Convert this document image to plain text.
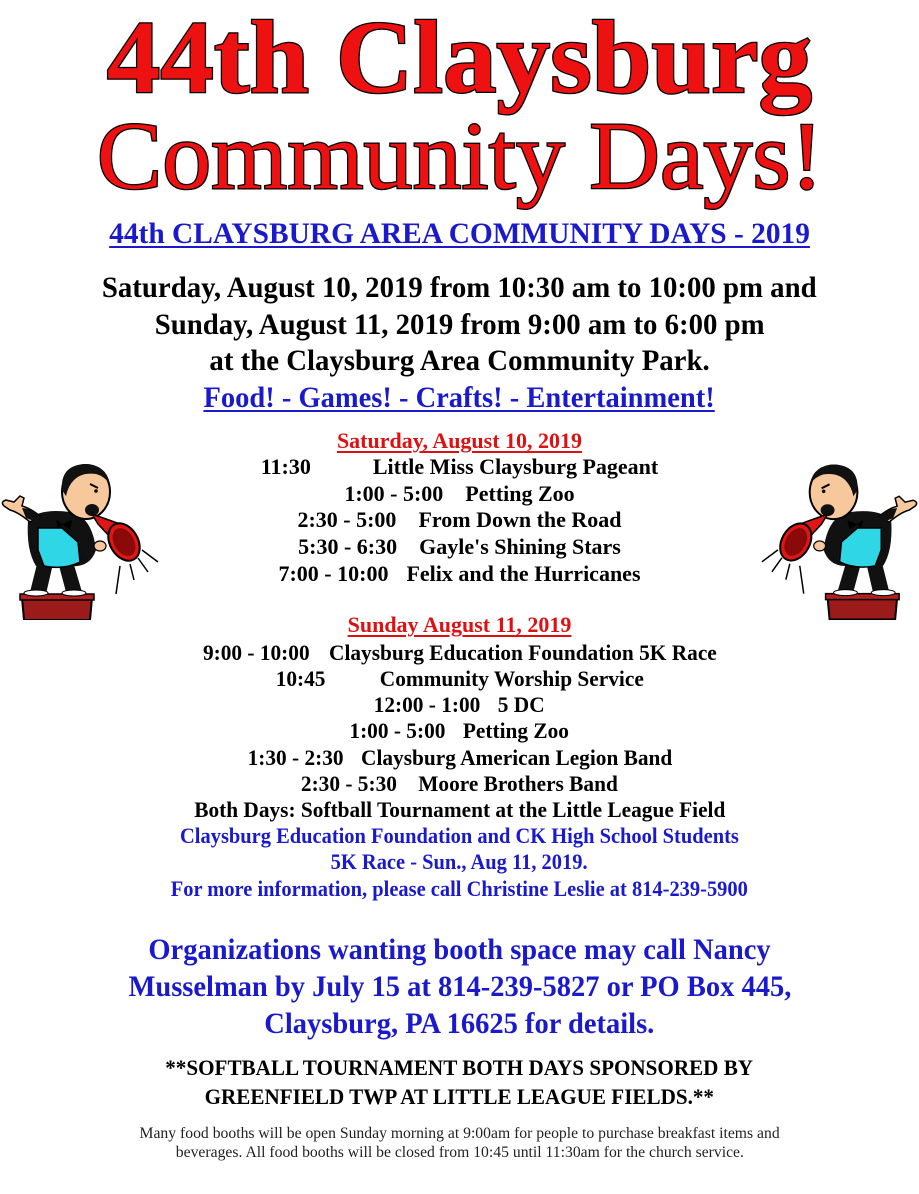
44th Claysburg
Community Days!
44th CLAYSBURG AREA COMMUNITY DAYS - 2019
Saturday, August 10, 2019 from 10:30 am to 10:00 pm and
Sunday, August 11, 2019 from 9:00 am to 6:00 pm
at the Claysburg Area Community Park.
Food! - Games! - Crafts! - Entertainment!
Saturday, August 10, 2019
11:30	Little Miss Claysburg Pageant
1:00 - 5:00 Petting Zoo
2:30 - 5:00 From Down the Road
5:30 - 6:30 Gayle's Shining Stars
7:00 - 10:00 Felix and the Hurricanes
Sunday August 11, 2019
9:00 - 10:00 Claysburg Education Foundation 5K Race
10:45 Community Worship Service
12:00 - 1:00 5 DC
1:00 - 5:00 Petting Zoo
1:30 - 2:30 Claysburg American Legion Band
2:30 - 5:30 Moore Brothers Band
Both Days: Softball Tournament at the Little League Field
Claysburg Education Foundation and CK High School Students
5K Race - Sun., Aug 11, 2019.
For more information, please call Christine Leslie at 814-239-5900
Organizations wanting booth space may call Nancy
Musselman by July 15 at 814-239-5827 or PO Box 445,
Claysburg, PA 16625 for details.
**SOFTBALL TOURNAMENT BOTH DAYS SPONSORED BY
GREENFIELD TWP AT LITTLE LEAGUE FIELDS.**
Many food booths will be open Sunday morning at 9:00am for people to purchase breakfast items and
beverages. All food booths will be closed from 10:45 until 11:30am for the church service.
